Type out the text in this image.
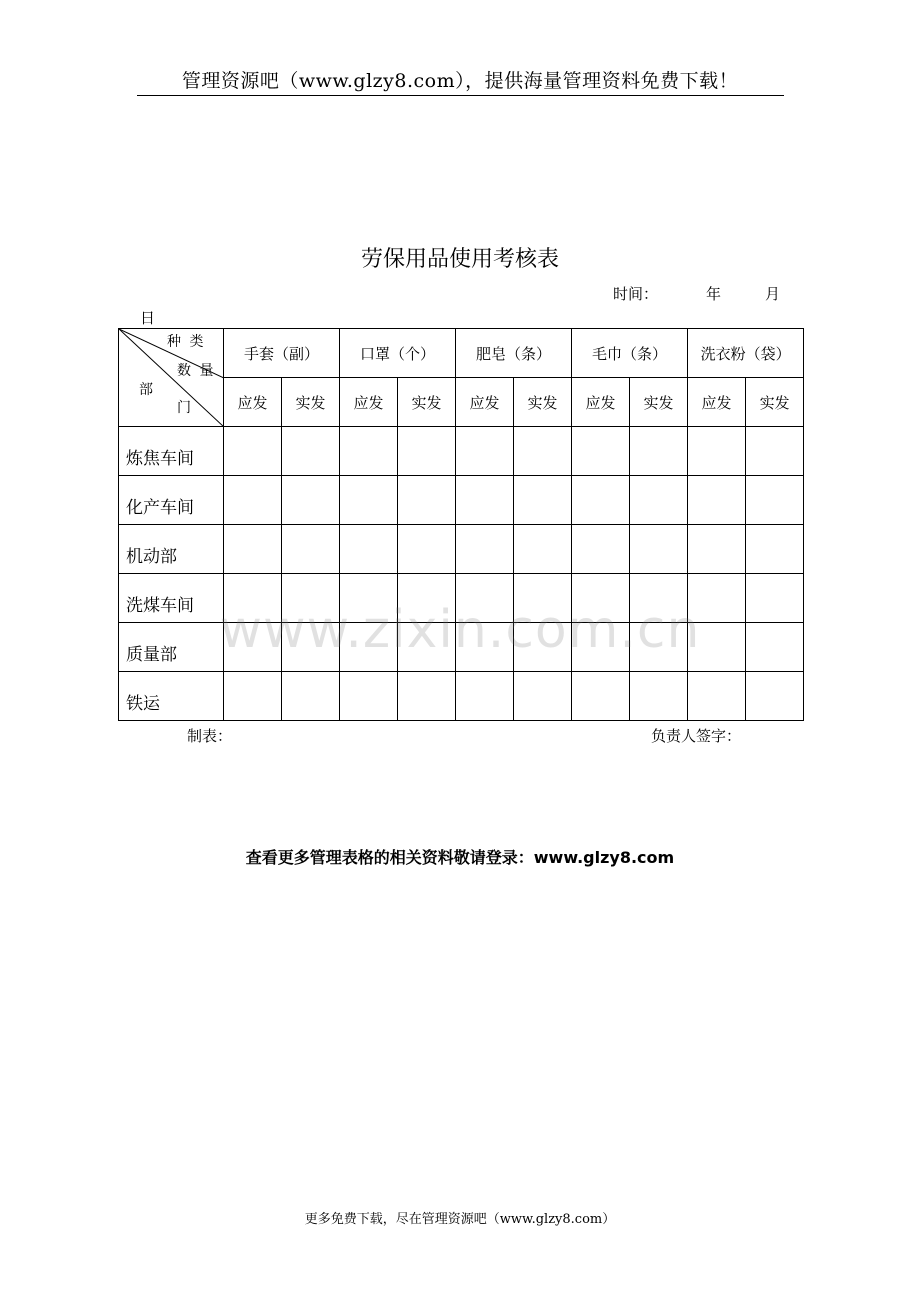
管理资源吧（www.glzy8.com），提供海量管理资料免费下载！
劳保用品使用考核表
时间：	年	月
日
种 类
数 量
部
门	手套（副）		口罩（个）		肥皂（条）		毛巾（条）		洗衣粉（袋）	
	应发	实发	应发	实发	应发	实发	应发	实发	应发	实发
炼焦车间										
化产车间										
机动部										
洗煤车间										
质量部										
铁运										
制表：	负责人签字：
www.zixin.com.cn
查看更多管理表格的相关资料敬请登录：www.glzy8.com
更多免费下载，尽在管理资源吧（www.glzy8.com）
